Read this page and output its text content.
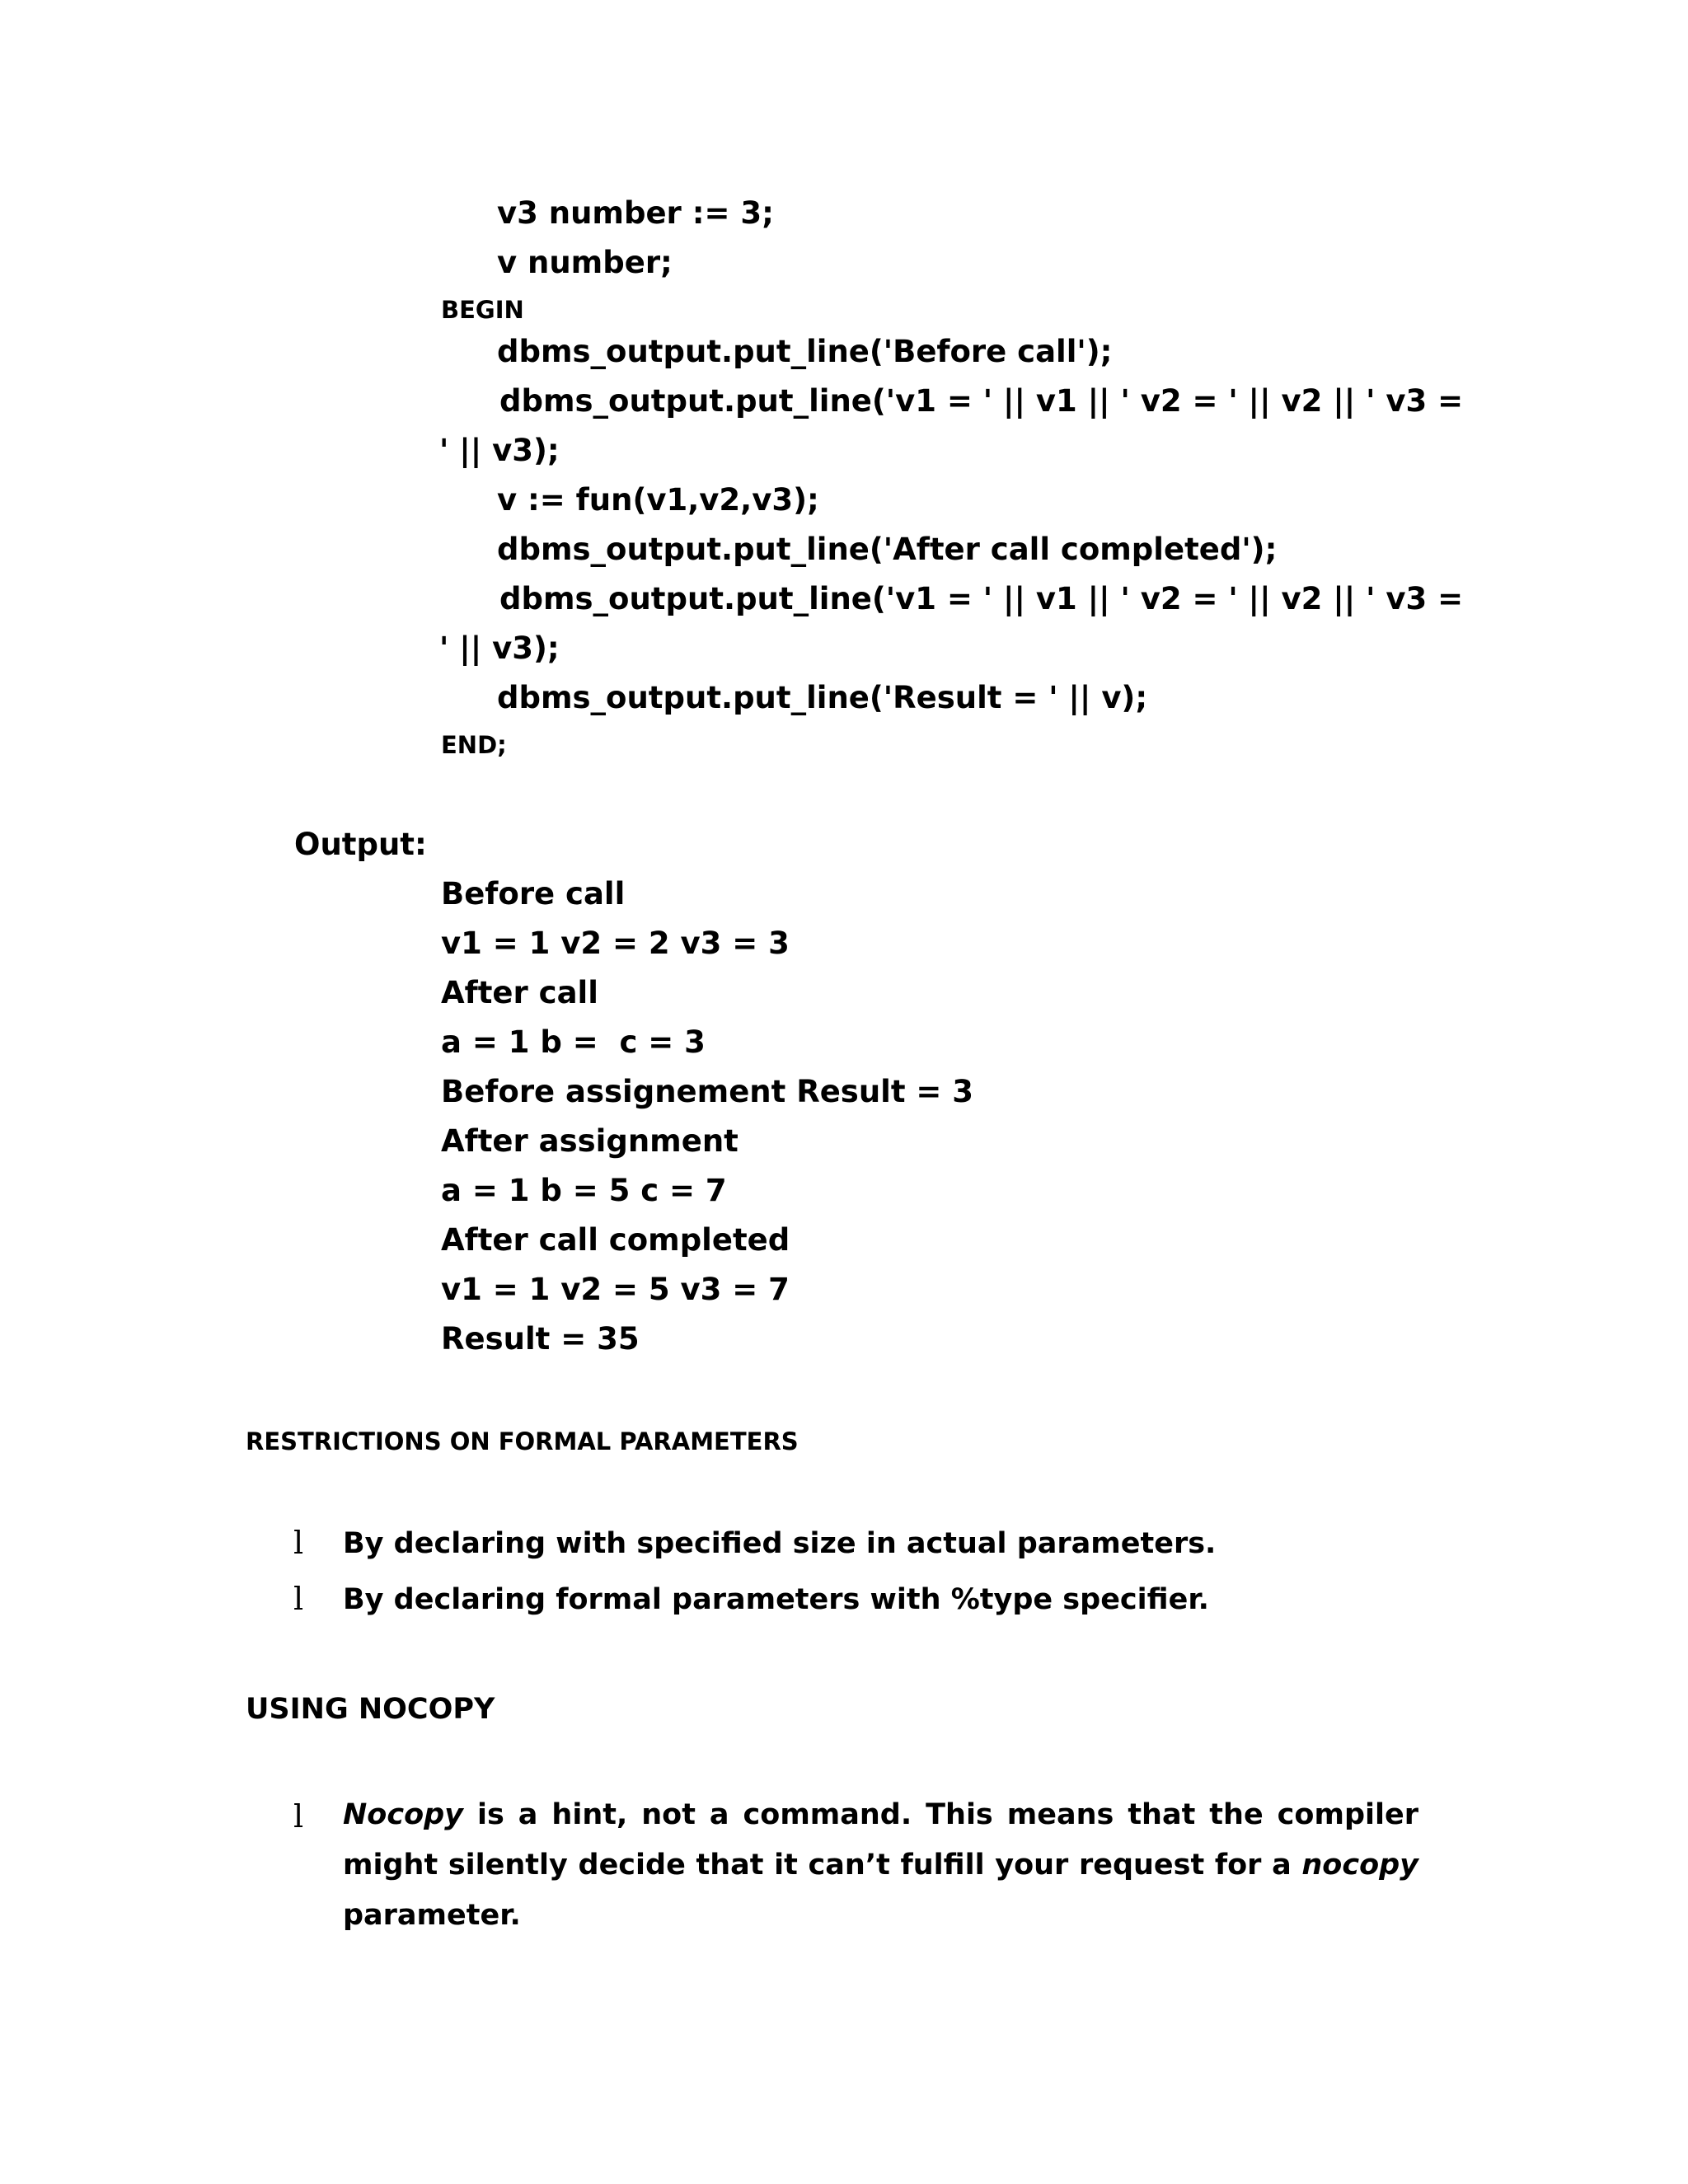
v3 number := 3;
v number;
BEGIN
dbms_output.put_line('Before call');
dbms_output.put_line('v1 = ' || v1 || ' v2 = ' || v2 || ' v3 =
' || v3);
v := fun(v1,v2,v3);
dbms_output.put_line('After call completed');
dbms_output.put_line('v1 = ' || v1 || ' v2 = ' || v2 || ' v3 =
' || v3);
dbms_output.put_line('Result = ' || v);
END;
Output:
Before call
v1 = 1 v2 = 2 v3 = 3
After call
a = 1 b =  c = 3
Before assignement Result = 3
After assignment
a = 1 b = 5 c = 7
After call completed
v1 = 1 v2 = 5 v3 = 7
Result = 35
RESTRICTIONS ON FORMAL PARAMETERS
l By declaring with specified size in actual parameters.
l By declaring formal parameters with %type specifier.
USING NOCOPY
l Nocopy is a hint, not a command. This means that the compiler might silently decide that it can’t fulfill your request for a nocopy parameter.
